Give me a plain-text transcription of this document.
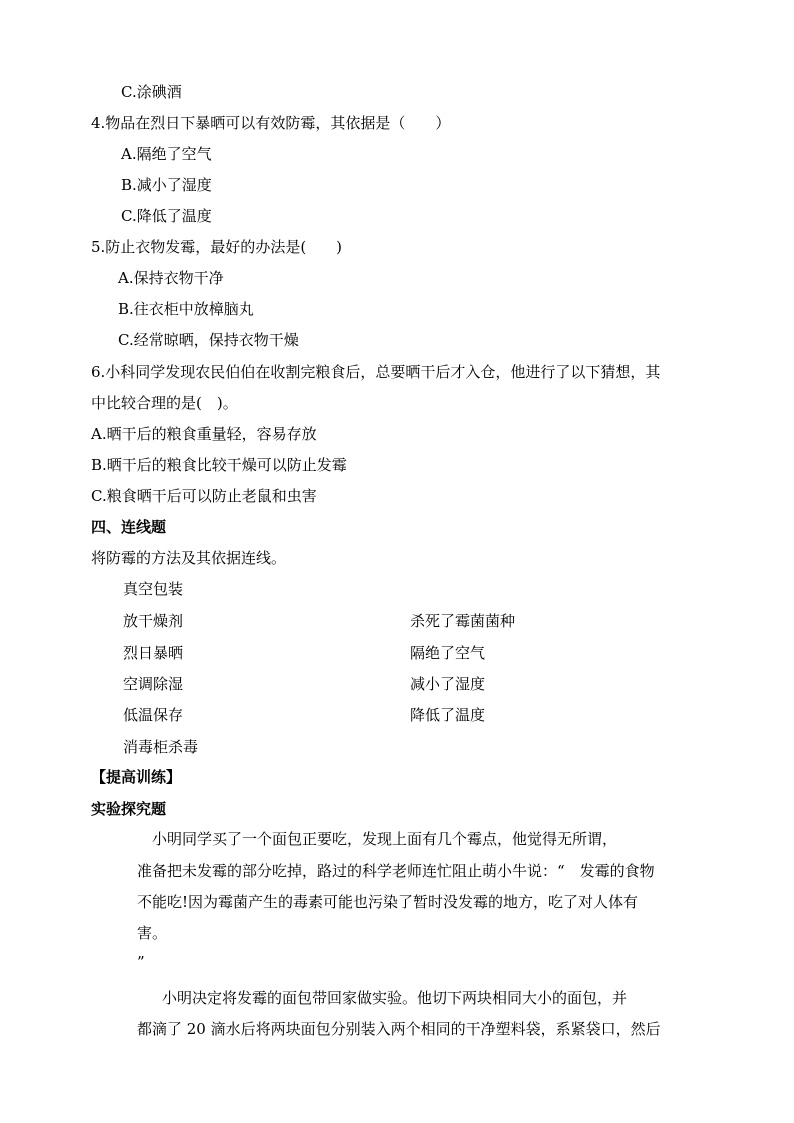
C.涂碘酒
4.物品在烈日下暴晒可以有效防霉，其依据是（　　）
A.隔绝了空气
B.减小了湿度
C.降低了温度
5.防止衣物发霉，最好的办法是(　　)
A.保持衣物干净
B.往衣柜中放樟脑丸
C.经常晾晒，保持衣物干燥
6.小科同学发现农民伯伯在收割完粮食后，总要晒干后才入仓，他进行了以下猜想，其
中比较合理的是(　)。
A.晒干后的粮食重量轻，容易存放
B.晒干后的粮食比较干燥可以防止发霉
C.粮食晒干后可以防止老鼠和虫害
四、连线题
将防霉的方法及其依据连线。
真空包装
放干燥剂
烈日暴晒
空调除湿
低温保存
消毒柜杀毒
杀死了霉菌菌种
隔绝了空气
减小了湿度
降低了温度
【提高训练】
实验探究题
小明同学买了一个面包正要吃，发现上面有几个霉点，他觉得无所谓，
准备把未发霉的部分吃掉，路过的科学老师连忙阻止萌小牛说：“　发霉的食物
不能吃!因为霉菌产生的毒素可能也污染了暂时没发霉的地方，吃了对人体有
害。
”
小明决定将发霉的面包带回家做实验。他切下两块相同大小的面包，并
都滴了 20 滴水后将两块面包分别装入两个相同的干净塑料袋，系紧袋口，然后
